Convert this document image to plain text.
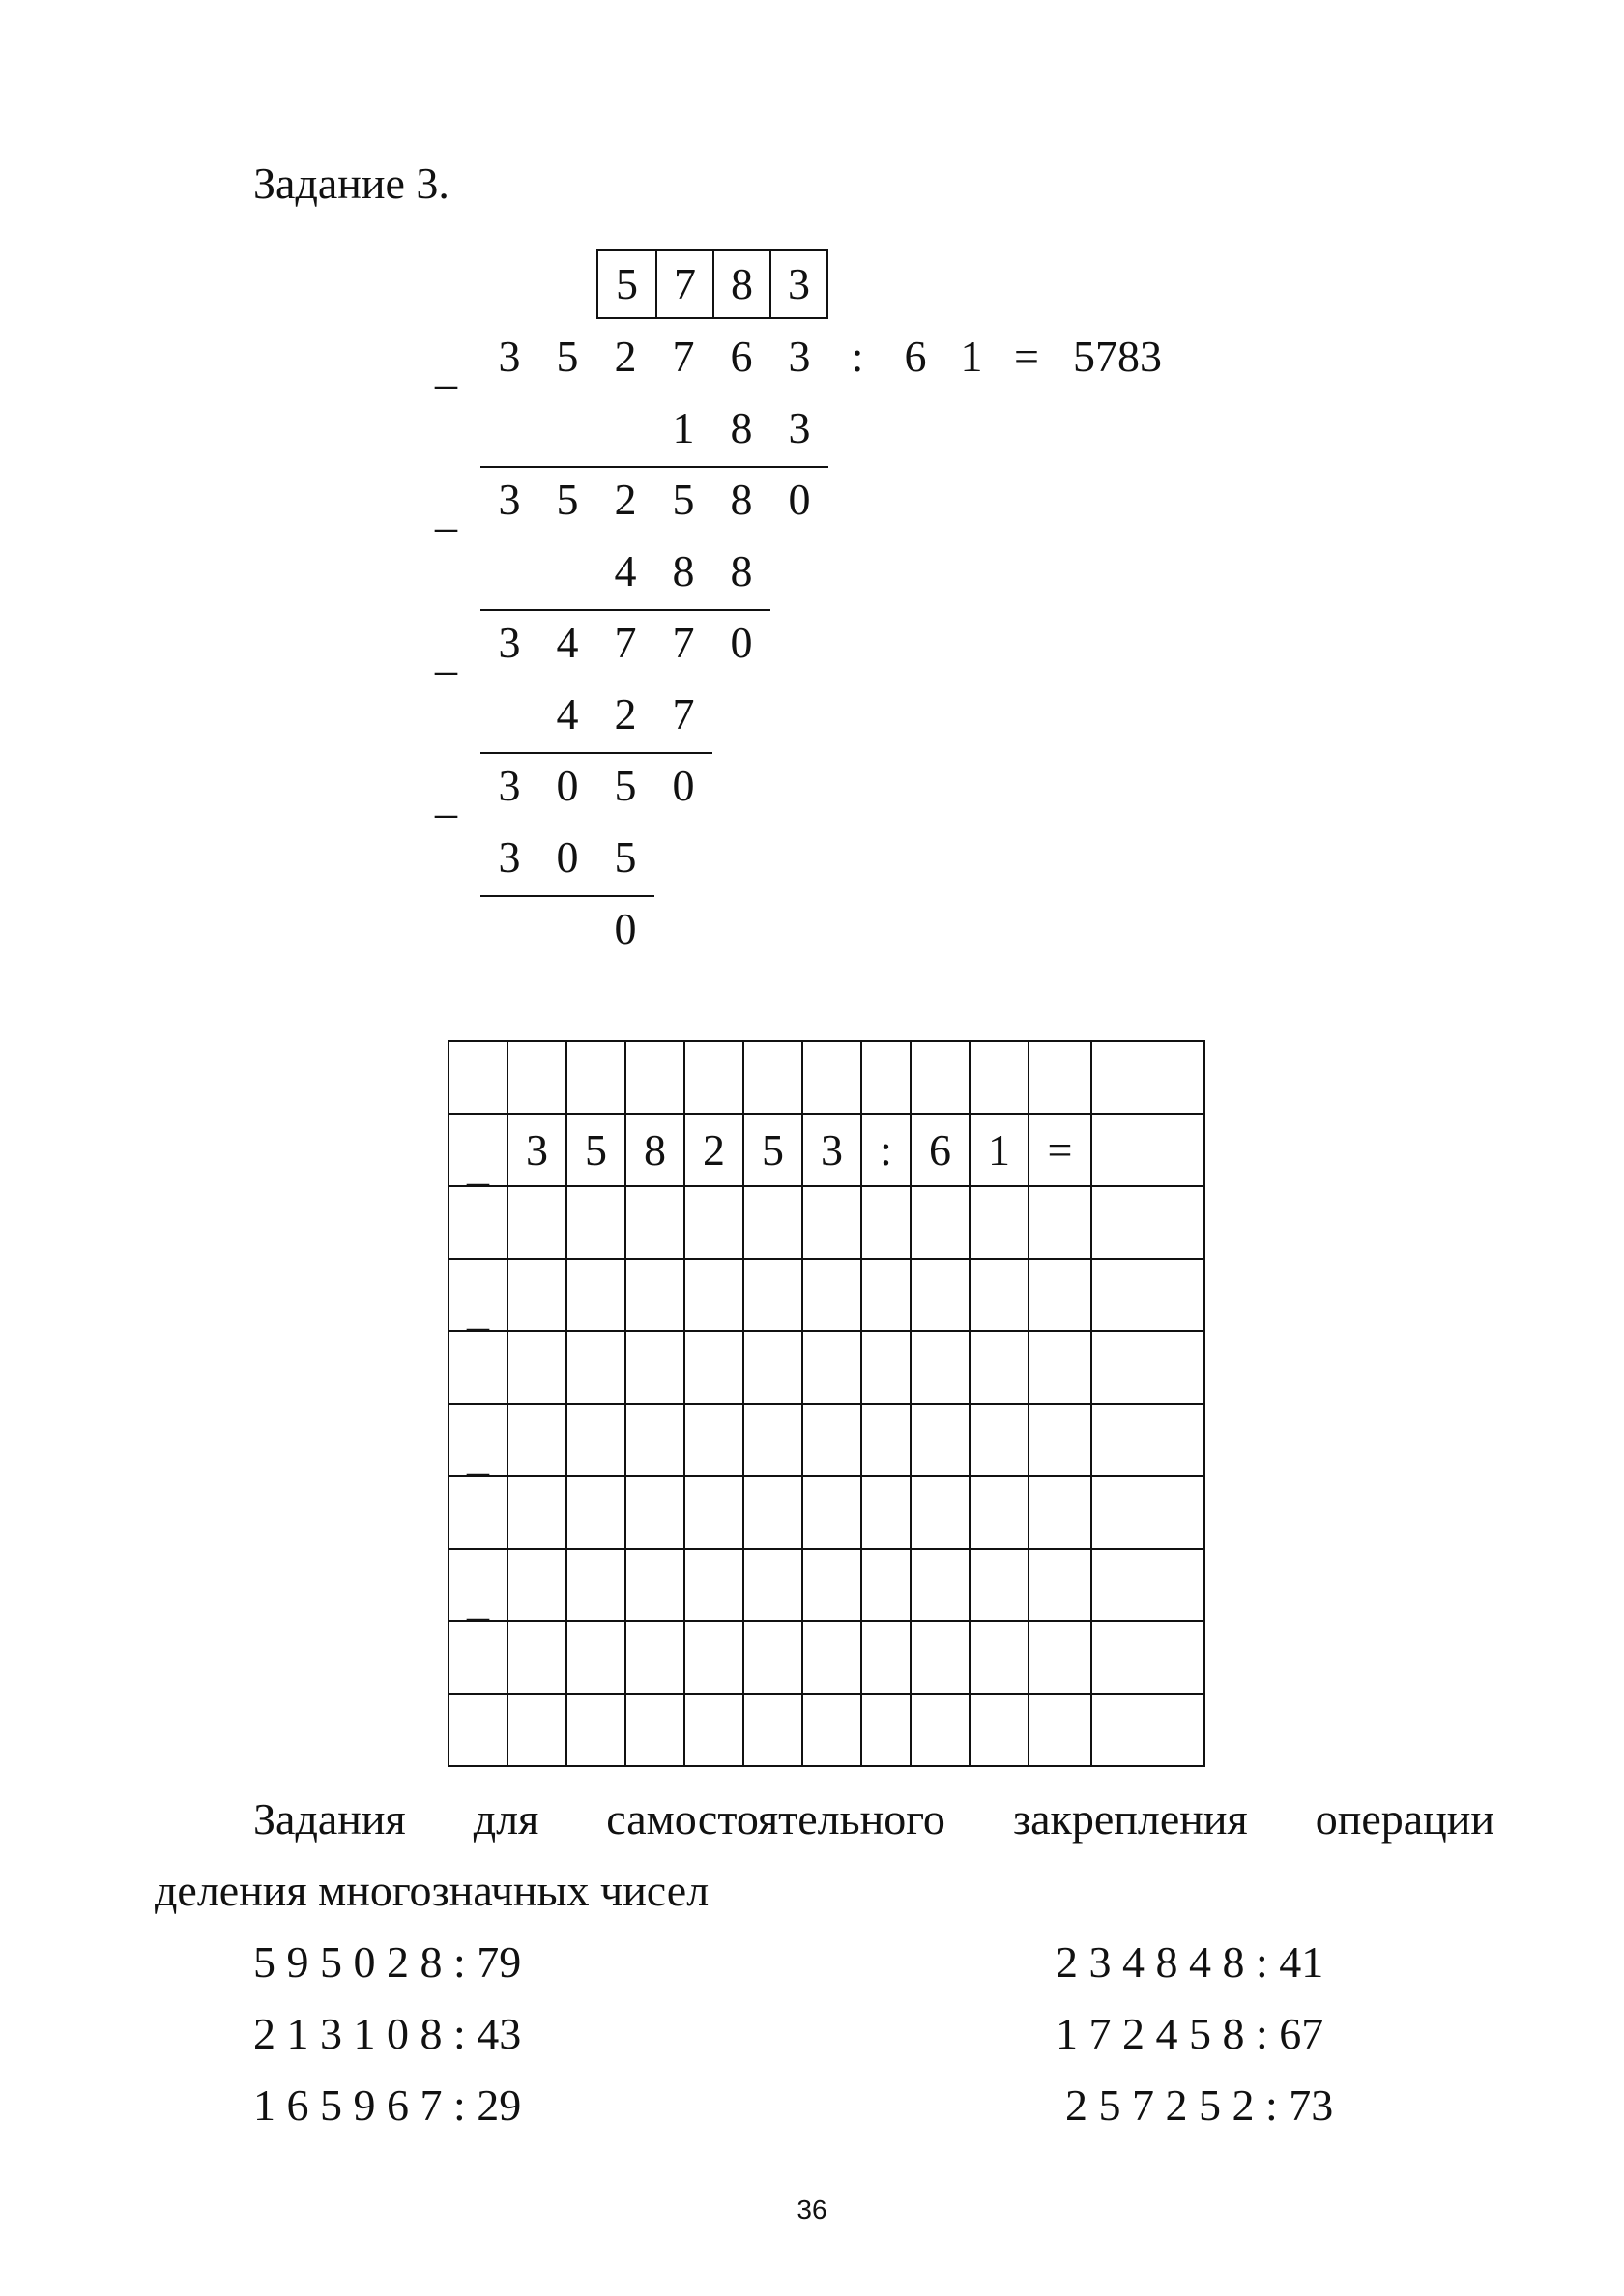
Задание 3.
5 7 8 3
_ 3 5 2 7 6 3 : 6 1 = 5783
1 8 3
_ 3 5 2 5 8 0
4 8 8
_ 3 4 7 7 0
4 2 7
_ 3 0 5 0
3 0 5
0

_	3	5	8	2	5	3	:	6	1	=	

_											

_											

_											

Задания для самостоятельного закрепления операции
деления многозначных чисел
5 9 5 0 2 8 : 79
2 1 3 1 0 8 : 43
1 6 5 9 6 7 : 29
2 3 4 8 4 8 : 41
1 7 2 4 5 8 : 67
2 5 7 2 5 2 : 73
36
